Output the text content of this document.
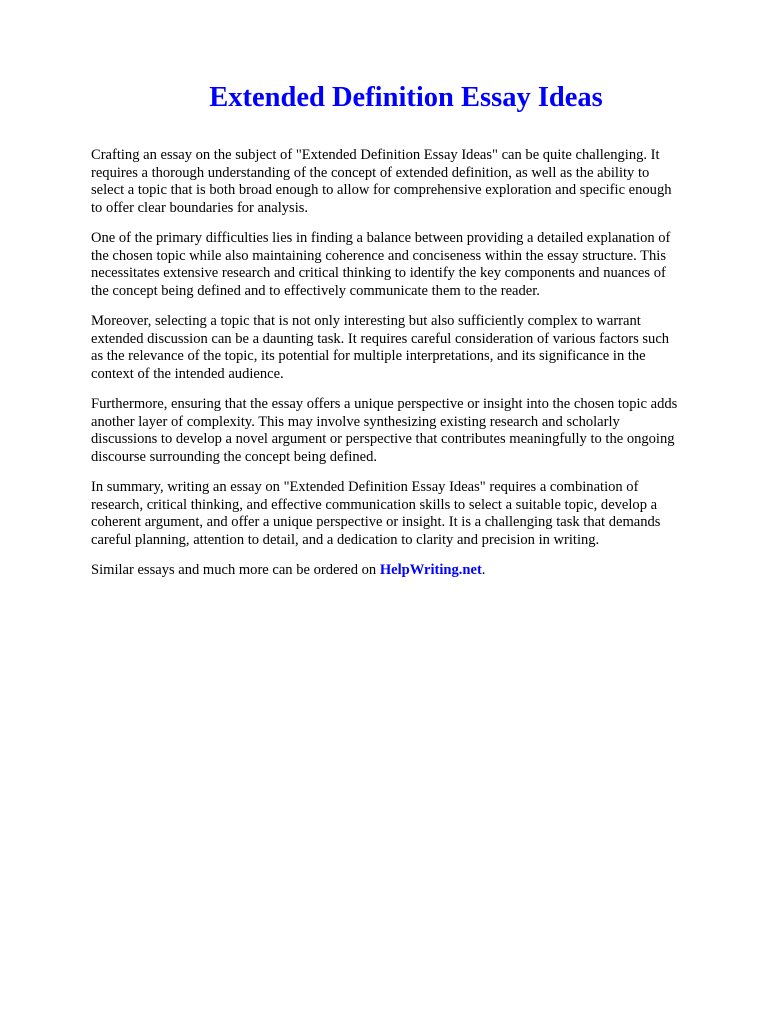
Extended Definition Essay Ideas

Crafting an essay on the subject of "Extended Definition Essay Ideas" can be quite challenging. It
requires a thorough understanding of the concept of extended definition, as well as the ability to
select a topic that is both broad enough to allow for comprehensive exploration and specific enough
to offer clear boundaries for analysis.

One of the primary difficulties lies in finding a balance between providing a detailed explanation of
the chosen topic while also maintaining coherence and conciseness within the essay structure. This
necessitates extensive research and critical thinking to identify the key components and nuances of
the concept being defined and to effectively communicate them to the reader.

Moreover, selecting a topic that is not only interesting but also sufficiently complex to warrant
extended discussion can be a daunting task. It requires careful consideration of various factors such
as the relevance of the topic, its potential for multiple interpretations, and its significance in the
context of the intended audience.

Furthermore, ensuring that the essay offers a unique perspective or insight into the chosen topic adds
another layer of complexity. This may involve synthesizing existing research and scholarly
discussions to develop a novel argument or perspective that contributes meaningfully to the ongoing
discourse surrounding the concept being defined.

In summary, writing an essay on "Extended Definition Essay Ideas" requires a combination of
research, critical thinking, and effective communication skills to select a suitable topic, develop a
coherent argument, and offer a unique perspective or insight. It is a challenging task that demands
careful planning, attention to detail, and a dedication to clarity and precision in writing.

Similar essays and much more can be ordered on HelpWriting.net.
